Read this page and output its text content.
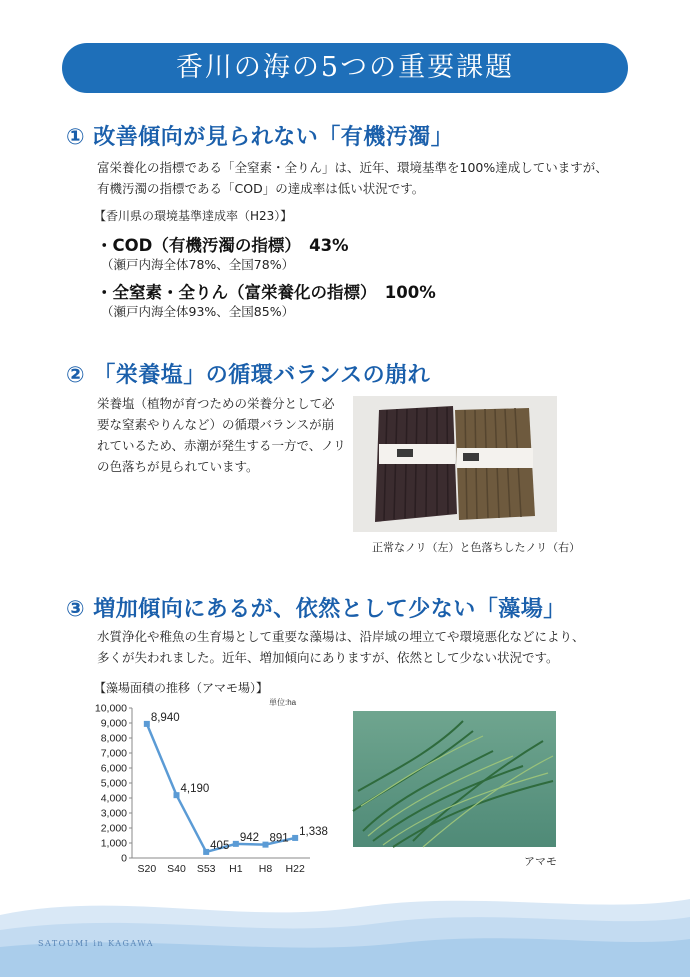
香川の海の5つの重要課題
① 改善傾向が見られない「有機汚濁」
富栄養化の指標である「全窒素・全りん」は、近年、環境基準を100%達成していますが、
有機汚濁の指標である「COD」の達成率は低い状況です。
【香川県の環境基準達成率（H23）】
・COD（有機汚濁の指標）　43%
（瀬戸内海全体78%、全国78%）
・全窒素・全りん（富栄養化の指標）　100%
（瀬戸内海全体93%、全国85%）
② 「栄養塩」の循環バランスの崩れ
栄養塩（植物が育つための栄養分として必
要な窒素やりんなど）の循環バランスが崩
れているため、赤潮が発生する一方で、ノリ
の色落ちが見られています。
正常なノリ（左）と色落ちしたノリ（右）
③ 増加傾向にあるが、依然として少ない「藻場」
水質浄化や稚魚の生育場として重要な藻場は、沿岸域の埋立てや環境悪化などにより、
多くが失われました。近年、増加傾向にありますが、依然として少ない状況です。
【藻場面積の推移（アマモ場）】
単位:ha
0
1,000
2,000
3,000
4,000
5,000
6,000
7,000
8,000
9,000
10,000
S20 S40 S53 H1 H8 H22
8,940
4,190
405
942 891
1,338
アマモ
SATOUMI in KAGAWA
